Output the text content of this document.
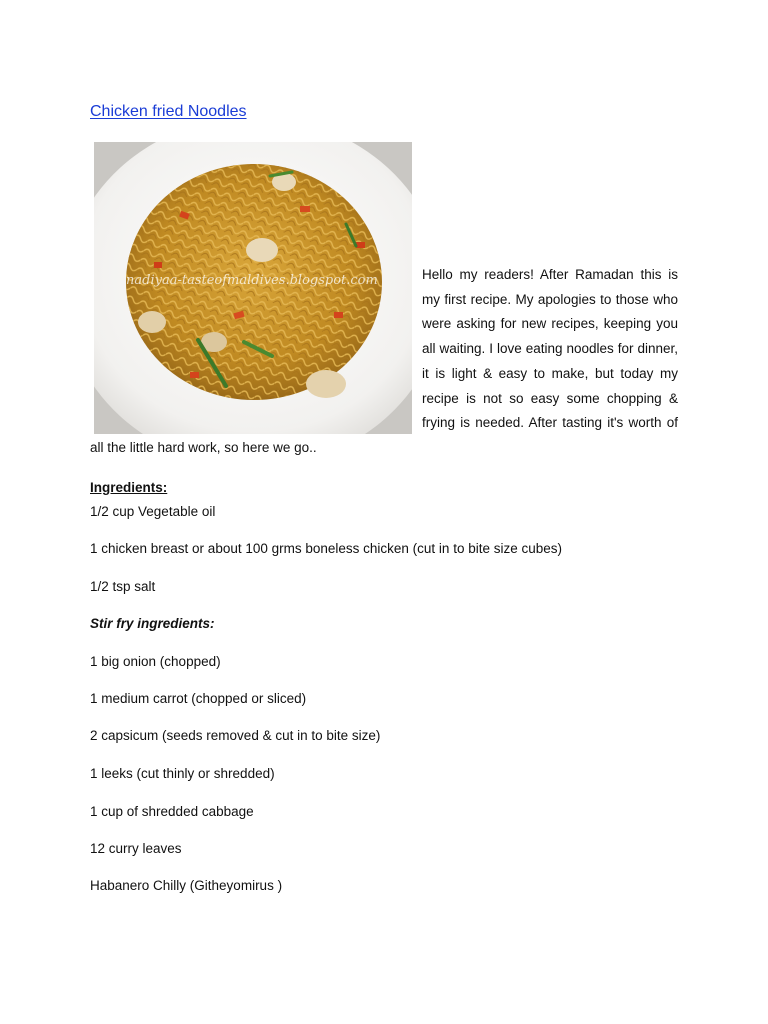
Chicken fried Noodles
nadiyaa-tasteofmaldives.blogspot.com	Hello my readers! After Ramadan this is my first recipe. My apologies to those who were asking for new recipes, keeping you all waiting. I love eating noodles for dinner, it is light & easy to make, but today my recipe is not so easy some chopping & frying is needed. After tasting it's worth of

all the little hard work, so here we go..

Ingredients:

1/2 cup Vegetable oil

1 chicken breast or about 100 grms boneless chicken (cut in to bite size cubes)

1/2 tsp salt

Stir fry ingredients:

1 big onion (chopped)

1 medium carrot (chopped or sliced)

2 capsicum (seeds removed & cut in to bite size)

1 leeks (cut thinly or shredded)

1 cup of shredded cabbage

12 curry leaves

Habanero Chilly (Githeyomirus )
